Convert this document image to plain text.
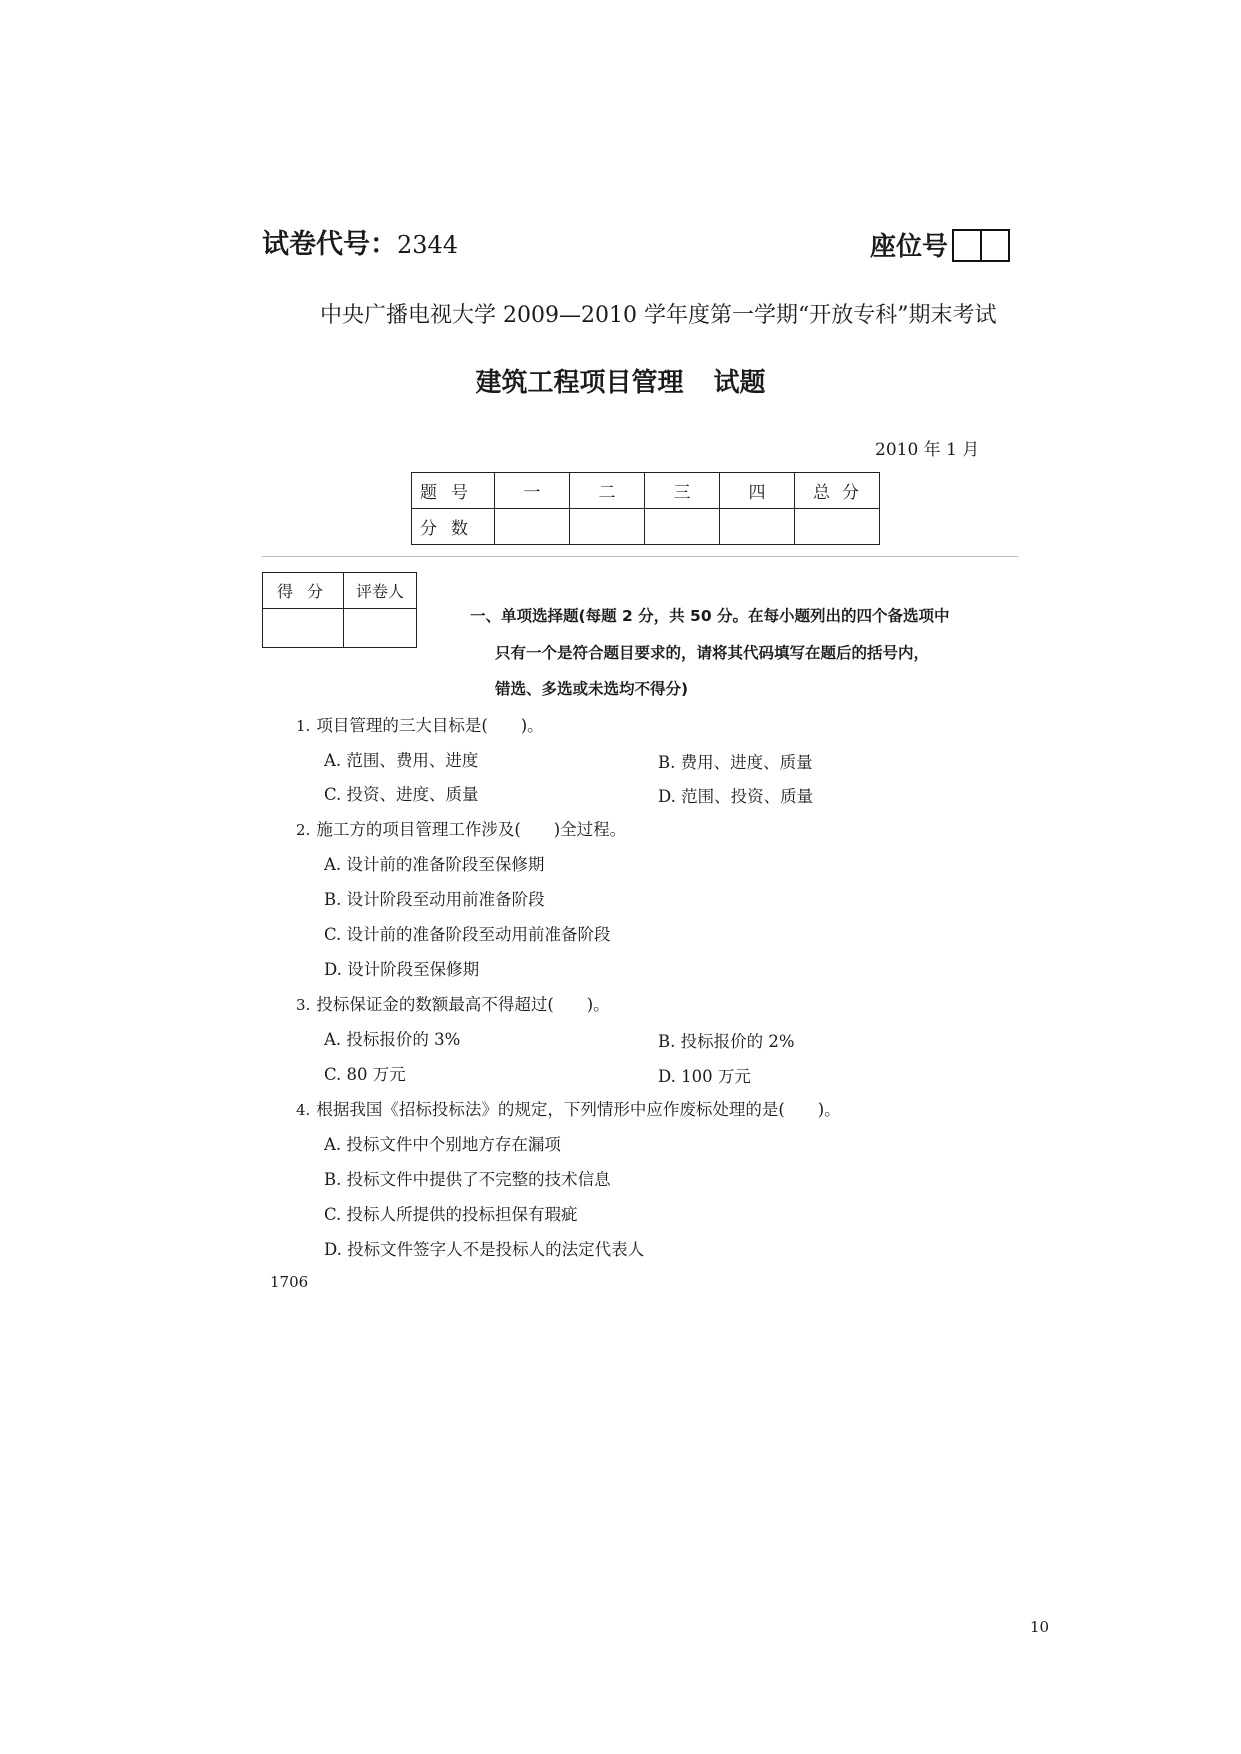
试卷代号：2344	座位号
中央广播电视大学 2009—2010 学年度第一学期“开放专科”期末考试
建筑工程项目管理 试题
2010 年 1 月
题号	一	二	三	四	总分
分数					
得分	评卷人

一、单项选择题(每题 2 分，共 50 分。在每小题列出的四个备选项中
只有一个是符合题目要求的，请将其代码填写在题后的括号内，
错选、多选或未选均不得分)
1. 项目管理的三大目标是(　　)。
A. 范围、费用、进度	B. 费用、进度、质量
C. 投资、进度、质量	D. 范围、投资、质量
2. 施工方的项目管理工作涉及(　　)全过程。
A. 设计前的准备阶段至保修期
B. 设计阶段至动用前准备阶段
C. 设计前的准备阶段至动用前准备阶段
D. 设计阶段至保修期
3. 投标保证金的数额最高不得超过(　　)。
A. 投标报价的 3%	B. 投标报价的 2%
C. 80 万元	D. 100 万元
4. 根据我国《招标投标法》的规定，下列情形中应作废标处理的是(　　)。
A. 投标文件中个别地方存在漏项
B. 投标文件中提供了不完整的技术信息
C. 投标人所提供的投标担保有瑕疵
D. 投标文件签字人不是投标人的法定代表人
1706
10
